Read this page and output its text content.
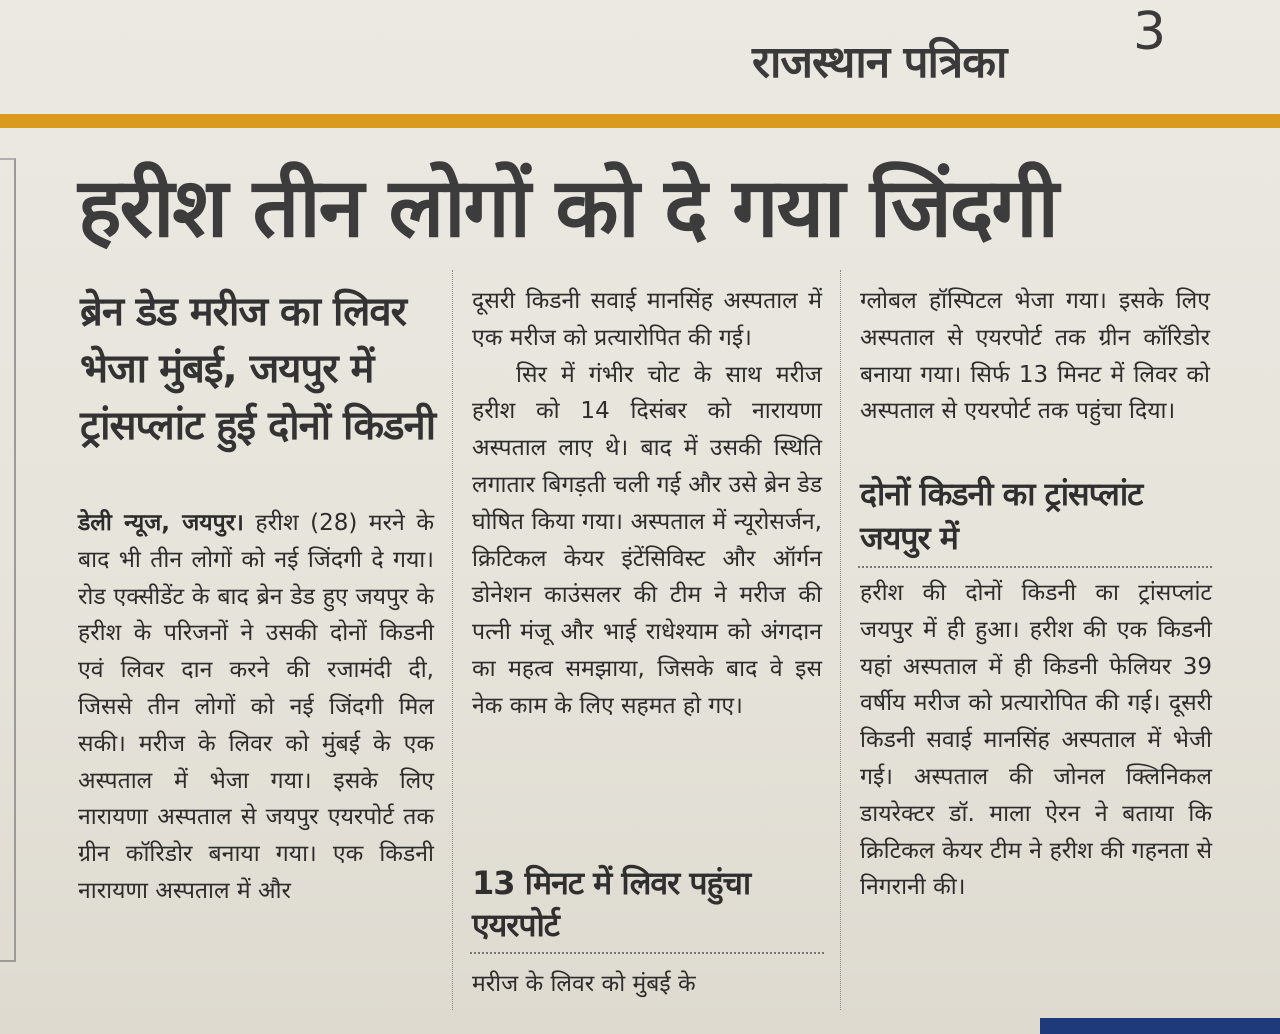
3
राजस्थान पत्रिका
हरीश तीन लोगों को दे गया जिंदगी
ब्रेन डेड मरीज का लिवर भेजा मुंबई, जयपुर में ट्रांसप्लांट हुई दोनों किडनी

डेली न्यूज, जयपुर। हरीश (28) मरने के बाद भी तीन लोगों को नई जिंदगी दे गया। रोड एक्सीडेंट के बाद ब्रेन डेड हुए जयपुर के हरीश के परिजनों ने उसकी दोनों किडनी एवं लिवर दान करने की रजामंदी दी, जिससे तीन लोगों को नई जिंदगी मिल सकी। मरीज के लिवर को मुंबई के एक अस्पताल में भेजा गया। इसके लिए नारायणा अस्पताल से जयपुर एयरपोर्ट तक ग्रीन कॉरिडोर बनाया गया। एक किडनी नारायणा अस्पताल में और

दूसरी किडनी सवाई मानसिंह अस्पताल में एक मरीज को प्रत्यारोपित की गई।

सिर में गंभीर चोट के साथ मरीज हरीश को 14 दिसंबर को नारायणा अस्पताल लाए थे। बाद में उसकी स्थिति लगातार बिगड़ती चली गई और उसे ब्रेन डेड घोषित किया गया। अस्पताल में न्यूरोसर्जन, क्रिटिकल केयर इंटेंसिविस्ट और ऑर्गन डोनेशन काउंसलर की टीम ने मरीज की पत्नी मंजू और भाई राधेश्याम को अंगदान का महत्व समझाया, जिसके बाद वे इस नेक काम के लिए सहमत हो गए।

13 मिनट में लिवर पहुंचा एयरपोर्ट
मरीज के लिवर को मुंबई के
ग्लोबल हॉस्पिटल भेजा गया। इसके लिए अस्पताल से एयरपोर्ट तक ग्रीन कॉरिडोर बनाया गया। सिर्फ 13 मिनट में लिवर को अस्पताल से एयरपोर्ट तक पहुंचा दिया।
दोनों किडनी का ट्रांसप्लांट जयपुर में
हरीश की दोनों किडनी का ट्रांसप्लांट जयपुर में ही हुआ। हरीश की एक किडनी यहां अस्पताल में ही किडनी फेलियर 39 वर्षीय मरीज को प्रत्यारोपित की गई। दूसरी किडनी सवाई मानसिंह अस्पताल में भेजी गई। अस्पताल की जोनल क्लिनिकल डायरेक्टर डॉ. माला ऐरन ने बताया कि क्रिटिकल केयर टीम ने हरीश की गहनता से निगरानी की।
